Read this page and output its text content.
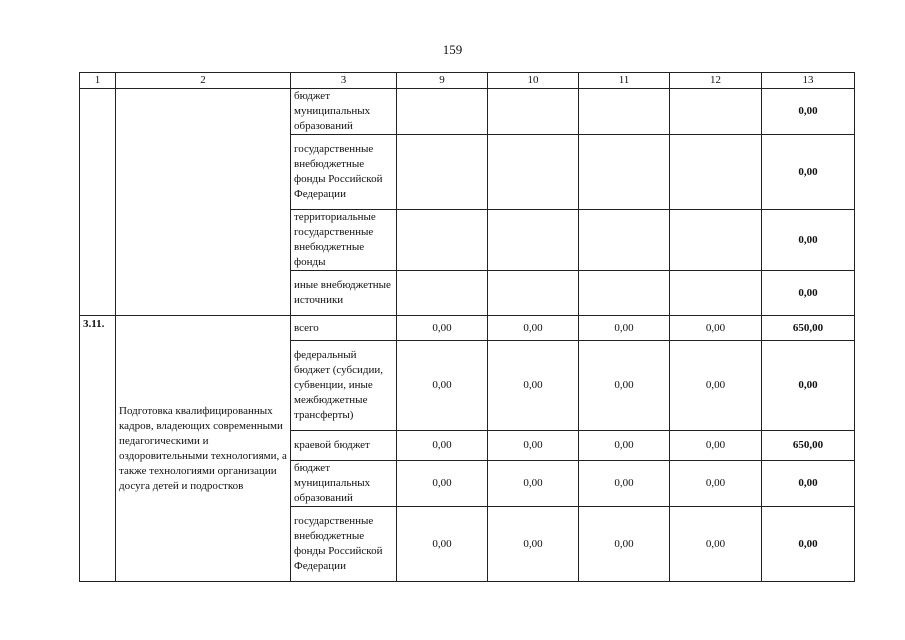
159
1	2	3	9	10	11	12	13
		бюджет муниципальных образований					0,00
		государственные внебюджетные фонды Российской Федерации					0,00
		территориальные государственные внебюджетные фонды					0,00
		иные внебюджетные источники					0,00
3.11.	Подготовка квалифицированных кадров, владеющих современными педагогическими и оздоровительными технологиями, а также технологиями организации досуга детей и подростков	всего	0,00	0,00	0,00	0,00	650,00
		федеральный бюджет (субсидии, субвенции, иные межбюджетные трансферты)	0,00	0,00	0,00	0,00	0,00
		краевой бюджет	0,00	0,00	0,00	0,00	650,00
		бюджет муниципальных образований	0,00	0,00	0,00	0,00	0,00
		государственные внебюджетные фонды Российской Федерации	0,00	0,00	0,00	0,00	0,00
